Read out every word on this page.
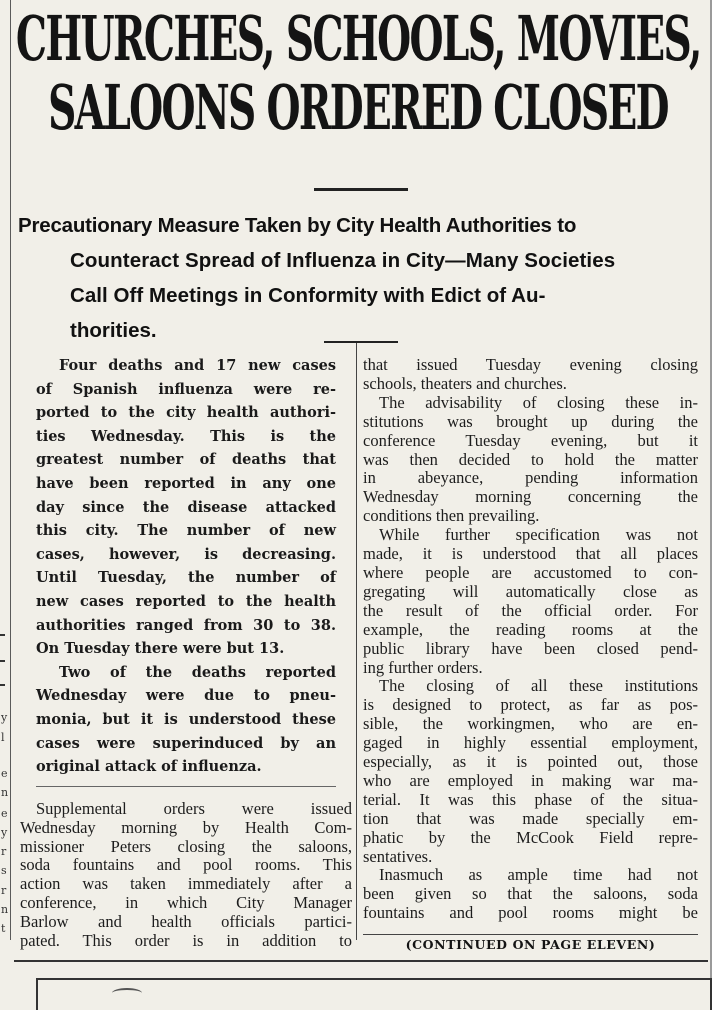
y
l
e
n
e
y
r
s
r
n
t
CHURCHES, SCHOOLS, MOVIES,
SALOONS ORDERED CLOSED
Precautionary Measure Taken by City Health Authorities to
Counteract Spread of Influenza in City—Many Societies
Call Off Meetings in Conformity with Edict of Au-
thorities.
Four deaths and 17 new cases
of Spanish influenza were re-
ported to the city health authori-
ties Wednesday. This is the
greatest number of deaths that
have been reported in any one
day since the disease attacked
this city. The number of new
cases, however, is decreasing.
Until Tuesday, the number of
new cases reported to the health
authorities ranged from 30 to 38.
On Tuesday there were but 13.
Two of the deaths reported
Wednesday were due to pneu-
monia, but it is understood these
cases were superinduced by an
original attack of influenza.
Supplemental orders were issued
Wednesday morning by Health Com-
missioner Peters closing the saloons,
soda fountains and pool rooms. This
action was taken immediately after a
conference, in which City Manager
Barlow and health officials partici-
pated. This order is in addition to
that issued Tuesday evening closing
schools, theaters and churches.
The advisability of closing these in-
stitutions was brought up during the
conference Tuesday evening, but it
was then decided to hold the matter
in abeyance, pending information
Wednesday morning concerning the
conditions then prevailing.
While further specification was not
made, it is understood that all places
where people are accustomed to con-
gregating will automatically close as
the result of the official order. For
example, the reading rooms at the
public library have been closed pend-
ing further orders.
The closing of all these institutions
is designed to protect, as far as pos-
sible, the workingmen, who are en-
gaged in highly essential employment,
especially, as it is pointed out, those
who are employed in making war ma-
terial. It was this phase of the situa-
tion that was made specially em-
phatic by the McCook Field repre-
sentatives.
Inasmuch as ample time had not
been given so that the saloons, soda
fountains and pool rooms might be
(CONTINUED ON PAGE ELEVEN)
